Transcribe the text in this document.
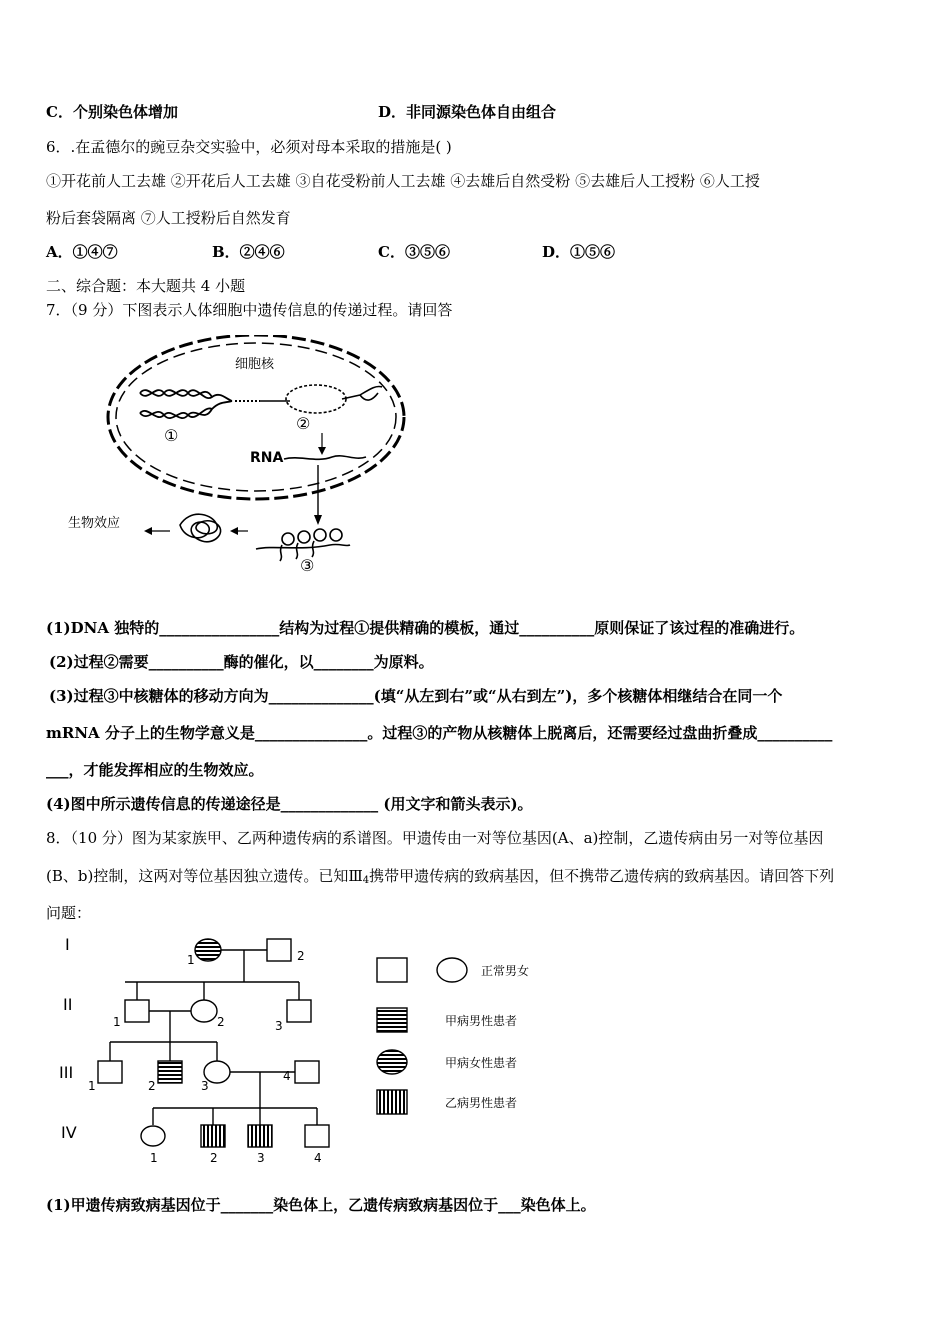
C．个别染色体增加	D．非同源染色体自由组合
6．.在孟德尔的豌豆杂交实验中，必须对母本采取的措施是( )
①开花前人工去雄 ②开花后人工去雄 ③自花受粉前人工去雄 ④去雄后自然受粉 ⑤去雄后人工授粉 ⑥人工授
粉后套袋隔离 ⑦人工授粉后自然发育
A．①④⑦	B．②④⑥	C．③⑤⑥	D．①⑤⑥
二、综合题：本大题共 4 小题
7．（9 分）下图表示人体细胞中遗传信息的传递过程。请回答
细胞核
①
②
RNA
③
生物效应
(1)DNA 独特的________________结构为过程①提供精确的模板，通过__________原则保证了该过程的准确进行。
(2)过程②需要__________酶的催化，以________为原料。
(3)过程③中核糖体的移动方向为______________(填“从左到右”或“从右到左”)，多个核糖体相继结合在同一个
mRNA 分子上的生物学意义是_______________。过程③的产物从核糖体上脱离后，还需要经过盘曲折叠成__________
___，才能发挥相应的生物效应。
(4)图中所示遗传信息的传递途径是_____________ (用文字和箭头表示)。
8．（10 分）图为某家族甲、乙两种遗传病的系谱图。甲遗传由一对等位基因(A、a)控制，乙遗传病由另一对等位基因
(B、b)控制，这两对等位基因独立遗传。已知$Ⅲ_4$携带甲遗传病的致病基因，但不携带乙遗传病的致病基因。请回答下列
问题：
I
II
III
IV
1	2
1	2	3
1	2	3
4
1	2	3	4
正常男女
甲病男性患者
甲病女性患者
乙病男性患者
(1)甲遗传病致病基因位于_______染色体上，乙遗传病致病基因位于___染色体上。
